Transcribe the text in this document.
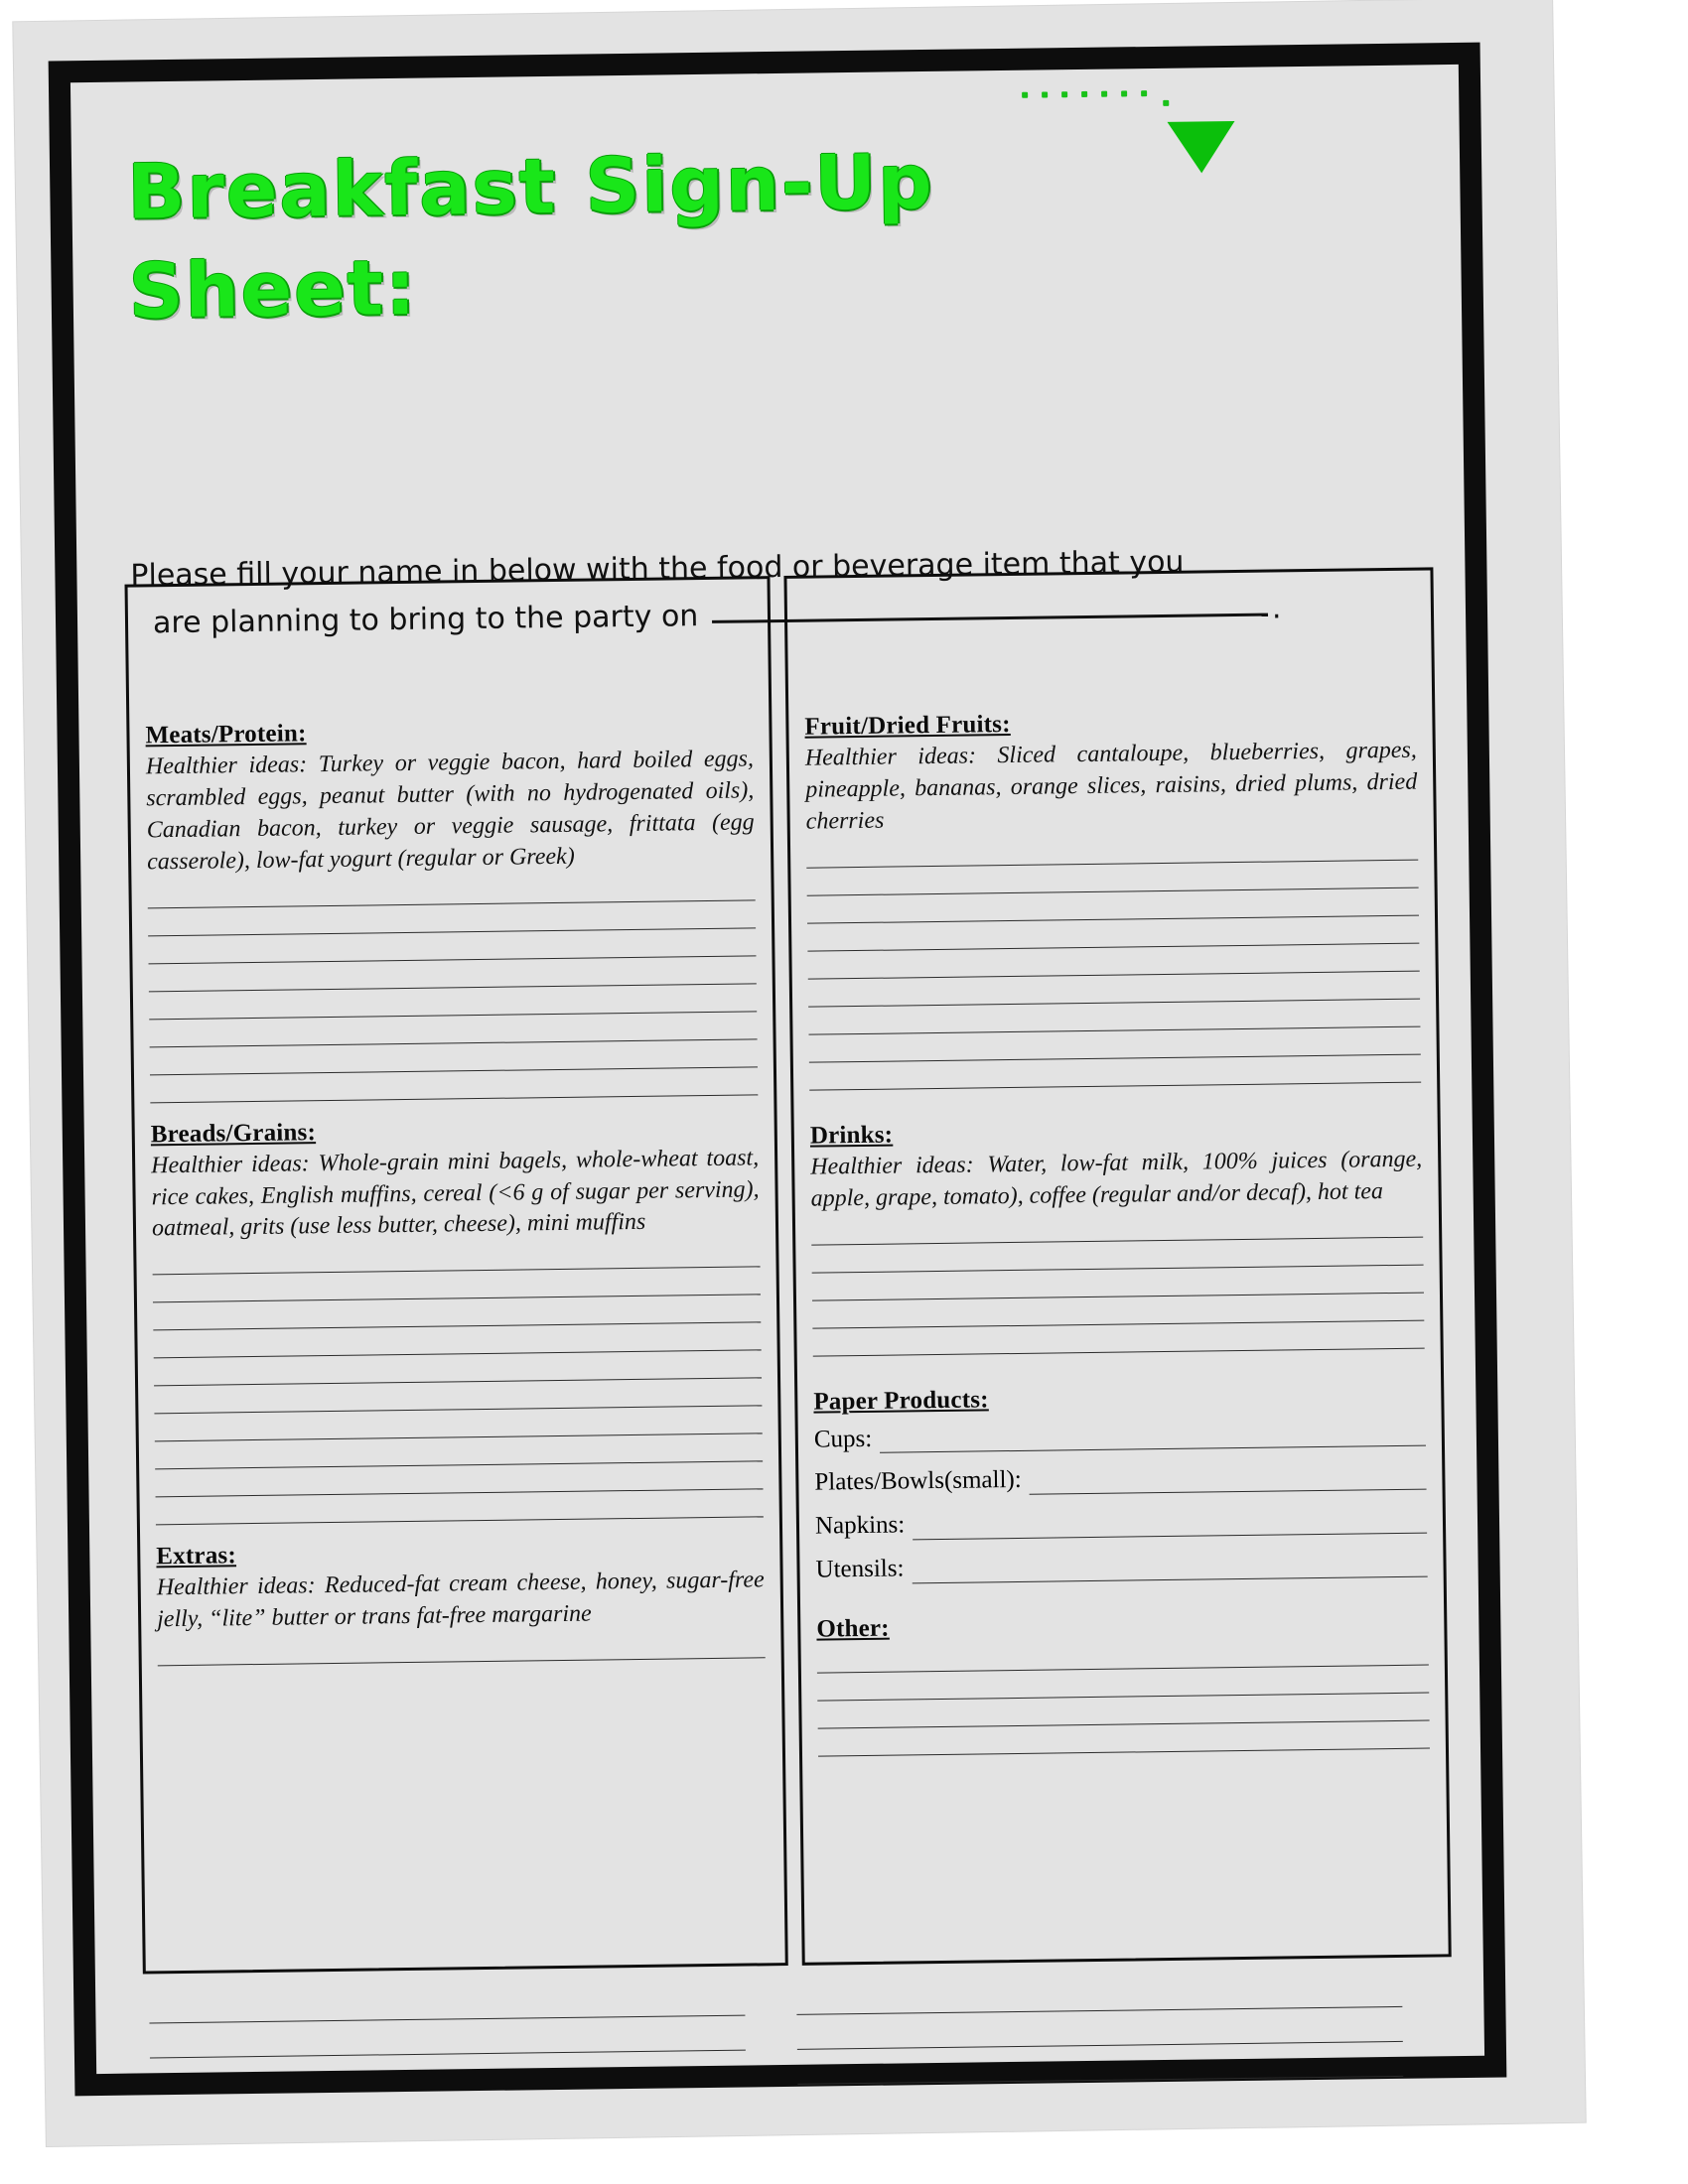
Breakfast Sign-Up
Sheet:
Please fill your name in below with the food or beverage item that you
are planning to bring to the party on	.
Meats/Protein:
Healthier ideas: Turkey or veggie bacon, hard boiled eggs, scrambled eggs, peanut butter (with no hydrogenated oils), Canadian bacon, turkey or veggie sausage, frittata (egg casserole), low-fat yogurt (regular or Greek)
Breads/Grains:
Healthier ideas: Whole-grain mini bagels, whole-wheat toast, rice cakes, English muffins, cereal (<6 g of sugar per serving), oatmeal, grits (use less butter, cheese), mini muffins
Extras:
Healthier ideas: Reduced-fat cream cheese, honey, sugar-free jelly, “lite” butter or trans fat-free margarine
Fruit/Dried Fruits:
Healthier ideas: Sliced cantaloupe, blueberries, grapes, pineapple, bananas, orange slices, raisins, dried plums, dried cherries
Drinks:
Healthier ideas: Water, low-fat milk, 100% juices (orange, apple, grape, tomato), coffee (regular and/or decaf), hot tea
Paper Products:
Cups:
Plates/Bowls(small):
Napkins:
Utensils:
Other:
